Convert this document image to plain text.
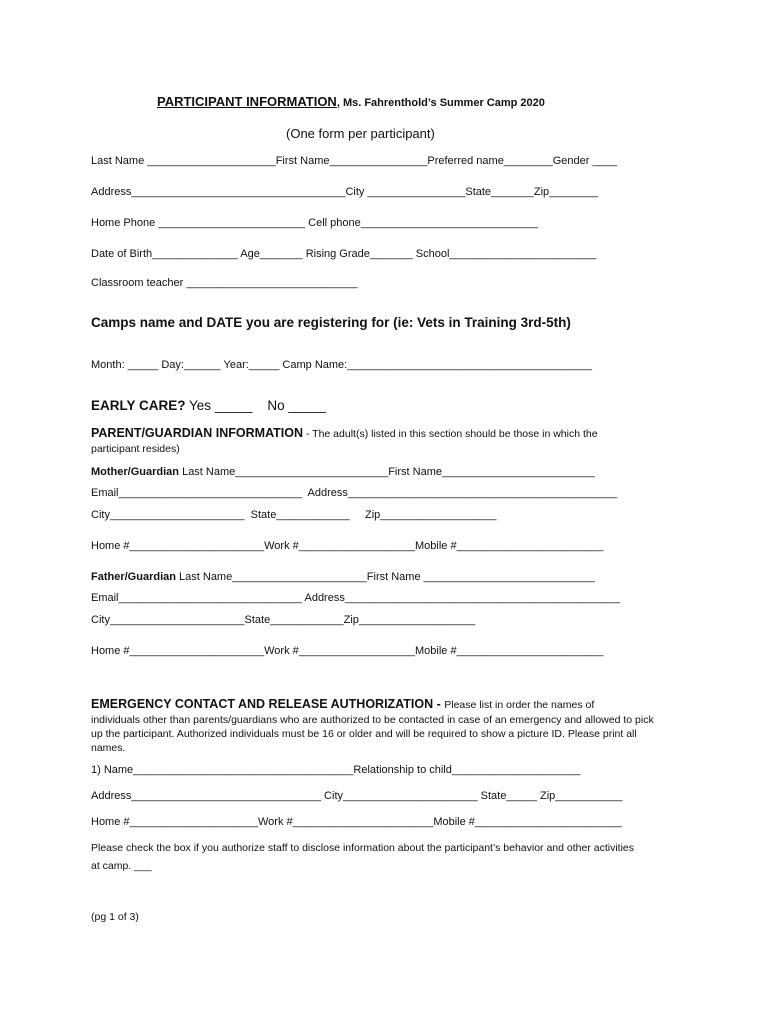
PARTICIPANT INFORMATION, Ms. Fahrenthold’s Summer Camp 2020
(One form per participant)
Last Name _____________________First Name________________Preferred name________Gender ____
Address___________________________________City ________________State_______Zip________
Home Phone ________________________ Cell phone_____________________________
Date of Birth______________ Age_______ Rising Grade_______ School________________________
Classroom teacher ____________________________
Camps name and DATE you are registering for (ie: Vets in Training 3rd-5th)
Month: _____ Day:______ Year:_____ Camp Name:________________________________________
EARLY CARE? Yes _____    No _____
PARENT/GUARDIAN INFORMATION - The adult(s) listed in this section should be those in which the
participant resides)
Mother/Guardian Last Name_________________________First Name_________________________
Email______________________________  Address____________________________________________
City______________________  State____________     Zip___________________
Home #______________________Work #___________________Mobile #________________________
Father/Guardian Last Name______________________First Name ____________________________
Email______________________________ Address_____________________________________________
City______________________State____________Zip___________________
Home #______________________Work #___________________Mobile #________________________
EMERGENCY CONTACT AND RELEASE AUTHORIZATION - Please list in order the names of
individuals other than parents/guardians who are authorized to be contacted in case of an emergency and allowed to pick up the participant. Authorized individuals must be 16 or older and will be required to show a picture ID. Please print all names.
1) Name____________________________________Relationship to child_____________________
Address_______________________________ City______________________ State_____ Zip___________
Home #_____________________Work #_______________________Mobile #________________________
Please check the box if you authorize staff to disclose information about the participant’s behavior and other activities
at camp. ___
(pg 1 of 3)
